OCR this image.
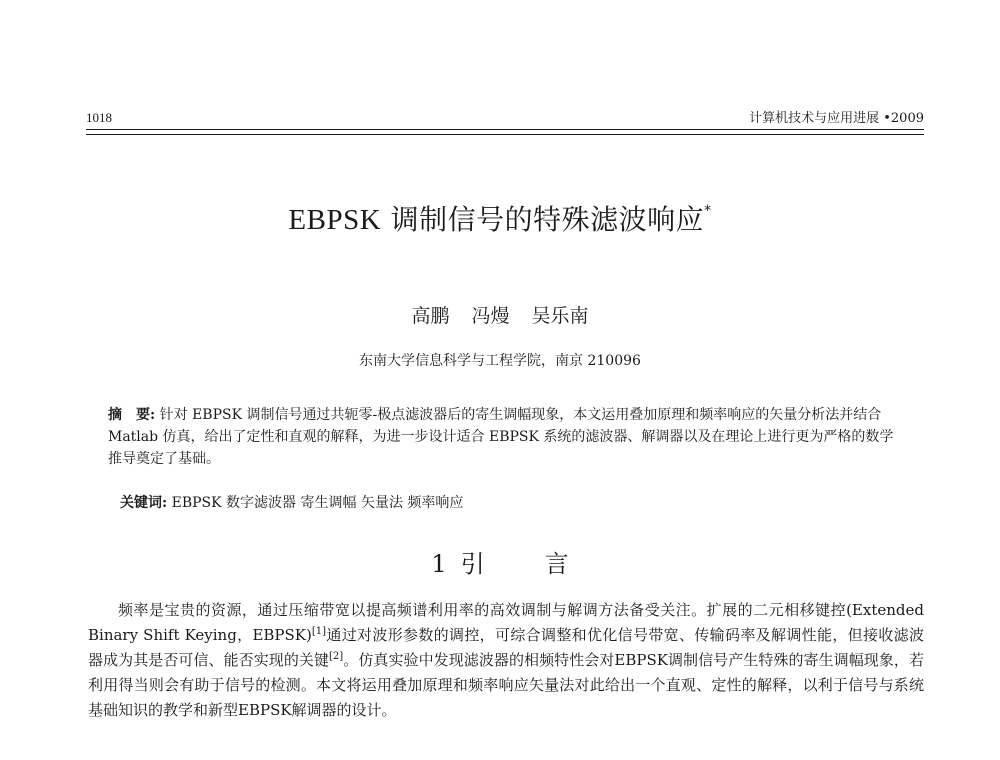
1018	计算机技术与应用进展 •2009
EBPSK 调制信号的特殊滤波响应*
高鹏 冯熳 吴乐南
东南大学信息科学与工程学院，南京 210096
摘　要: 针对 EBPSK 调制信号通过共轭零-极点滤波器后的寄生调幅现象，本文运用叠加原理和频率响应的矢量分析法并结合 Matlab 仿真，给出了定性和直观的解释，为进一步设计适合 EBPSK 系统的滤波器、解调器以及在理论上进行更为严格的数学推导奠定了基础。
关键词: EBPSK 数字滤波器 寄生调幅 矢量法 频率响应
1 引	言
频率是宝贵的资源，通过压缩带宽以提高频谱利用率的高效调制与解调方法备受关注。扩展的二元相移键控(Extended Binary Shift Keying，EBPSK)[1]通过对波形参数的调控，可综合调整和优化信号带宽、传输码率及解调性能，但接收滤波器成为其是否可信、能否实现的关键[2]。仿真实验中发现滤波器的相频特性会对EBPSK调制信号产生特殊的寄生调幅现象，若利用得当则会有助于信号的检测。本文将运用叠加原理和频率响应矢量法对此给出一个直观、定性的解释，以利于信号与系统基础知识的教学和新型EBPSK解调器的设计。
